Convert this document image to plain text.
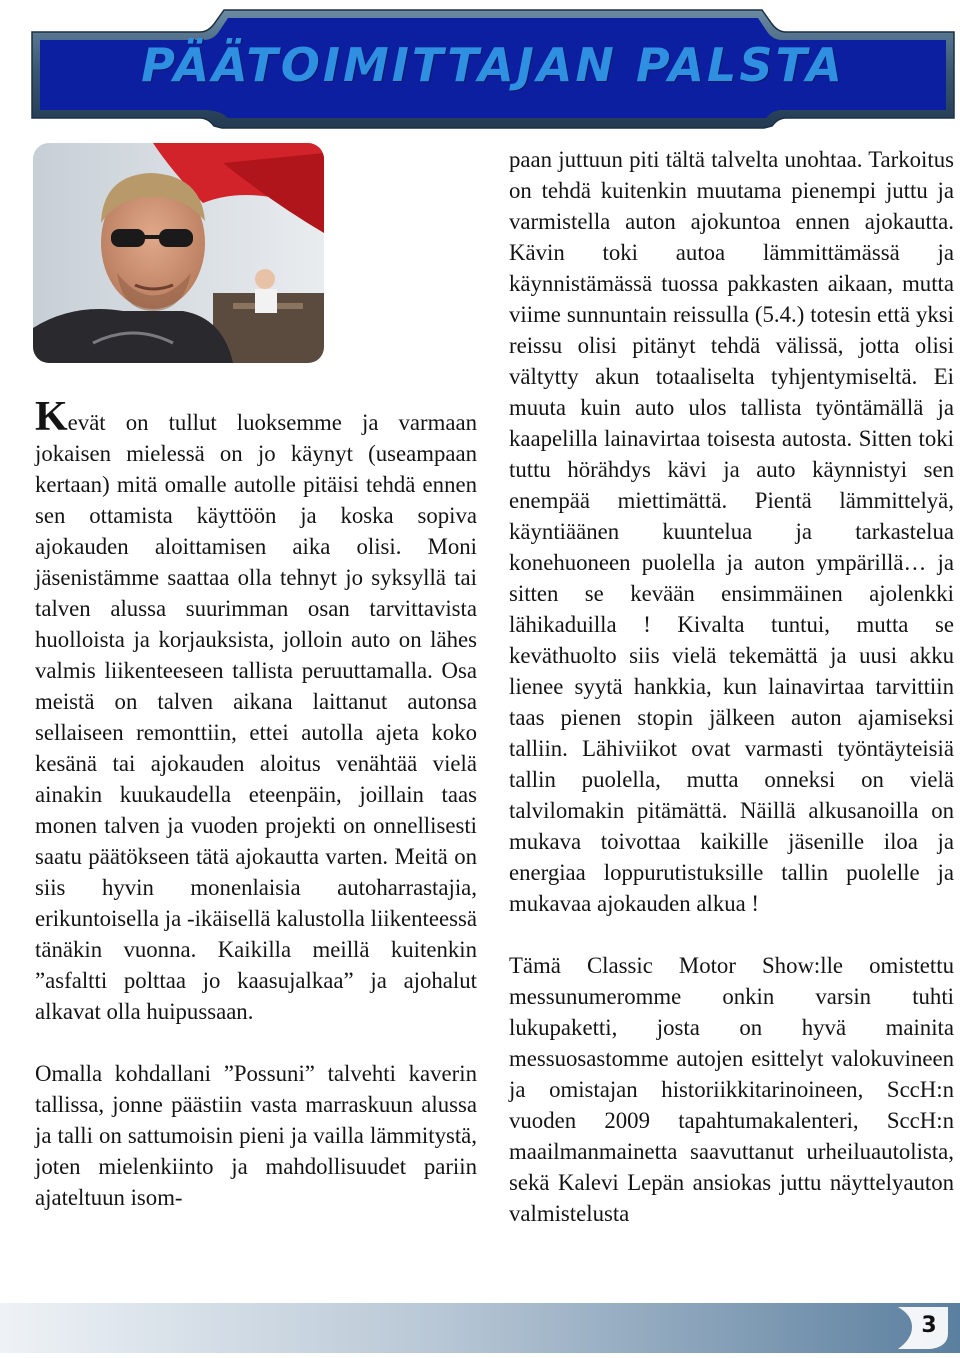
PÄÄTOIMITTAJAN PALSTA

Kevät on tullut luoksemme ja varmaan jokaisen mielessä on jo käynyt (useampaan kertaan) mitä omalle autolle pitäisi tehdä ennen sen ottamista käyttöön ja koska sopiva ajokauden aloittamisen aika olisi. Moni jäsenistämme saattaa olla tehnyt jo syksyllä tai talven alussa suurimman osan tarvittavista huolloista ja korjauksista, jolloin auto on lähes valmis liikenteeseen tallista peruuttamalla. Osa meistä on talven aikana laittanut autonsa sellaiseen remonttiin, ettei autolla ajeta koko kesänä tai ajokauden aloitus venähtää vielä ainakin kuukaudella eteenpäin, joillain taas monen talven ja vuoden projekti on onnellisesti saatu päätökseen tätä ajokautta varten. Meitä on siis hyvin monenlaisia autoharrastajia, erikuntoisella ja -ikäisellä kalustolla liikenteessä tänäkin vuonna. Kaikilla meillä kuitenkin ”asfaltti polttaa jo kaasujalkaa” ja ajohalut alkavat olla huipussaan.

Omalla kohdallani ”Possuni” talvehti kaverin tallissa, jonne päästiin vasta marraskuun alussa ja talli on sattumoisin pieni ja vailla lämmitystä, joten mielenkiinto ja mahdollisuudet pariin ajateltuun isom-

paan juttuun piti tältä talvelta unohtaa. Tarkoitus on tehdä kuitenkin muutama pienempi juttu ja varmistella auton ajokuntoa ennen ajokautta. Kävin toki autoa lämmittämässä ja käynnistämässä tuossa pakkasten aikaan, mutta viime sunnuntain reissulla (5.4.) totesin että yksi reissu olisi pitänyt tehdä välissä, jotta olisi vältytty akun totaaliselta tyhjentymiseltä. Ei muuta kuin auto ulos tallista työntämällä ja kaapelilla lainavirtaa toisesta autosta. Sitten toki tuttu hörähdys kävi ja auto käynnistyi sen enempää miettimättä. Pientä lämmittelyä, käyntiäänen kuuntelua ja tarkastelua konehuoneen puolella ja auton ympärillä… ja sitten se kevään ensimmäinen ajolenkki lähikaduilla ! Kivalta tuntui, mutta se keväthuolto siis vielä tekemättä ja uusi akku lienee syytä hankkia, kun lainavirtaa tarvittiin taas pienen stopin jälkeen auton ajamiseksi talliin. Lähiviikot ovat varmasti työntäyteisiä tallin puolella, mutta onneksi on vielä talvilomakin pitämättä. Näillä alkusanoilla on mukava toivottaa kaikille jäsenille iloa ja energiaa loppurutistuksille tallin puolelle ja mukavaa ajokauden alkua !

Tämä Classic Motor Show:lle omistettu messunumeromme onkin varsin tuhti lukupaketti, josta on hyvä mainita messuosastomme autojen esittelyt valokuvineen ja omistajan historiikkitarinoineen, SccH:n vuoden 2009 tapahtumakalenteri, SccH:n maailmanmainetta saavuttanut urheiluautolista, sekä Kalevi Lepän ansiokas juttu näyttelyauton valmistelusta

3
